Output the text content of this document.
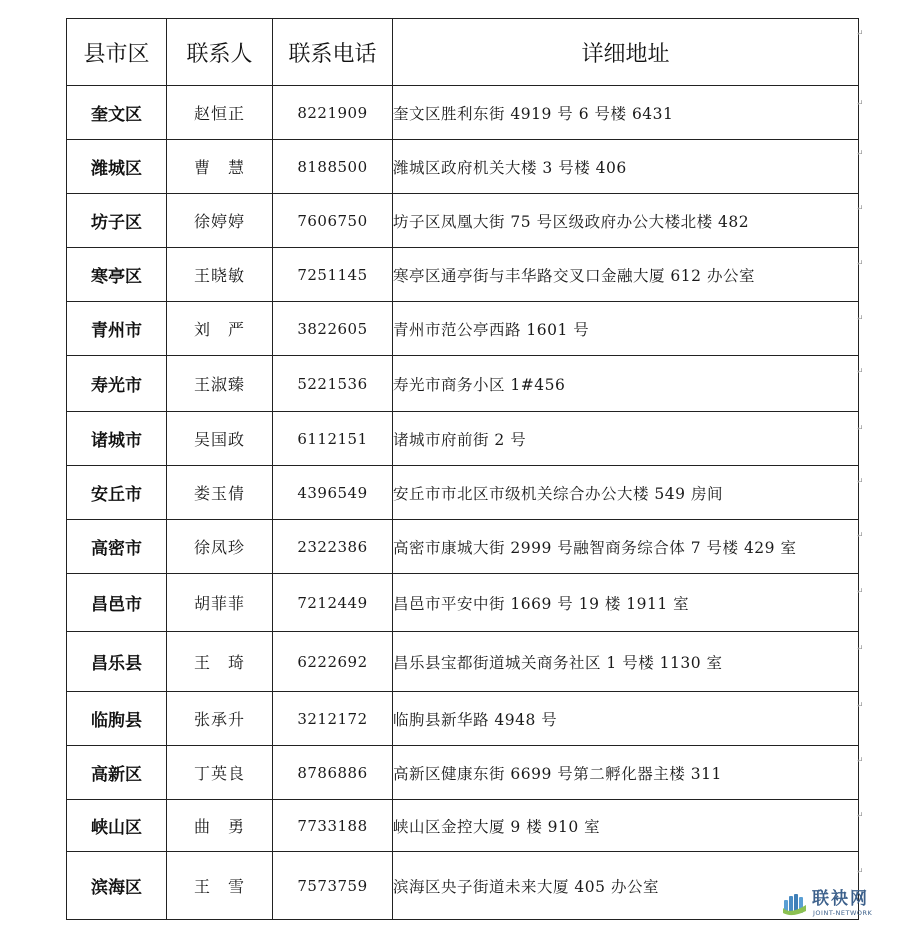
县市区	联系人	联系电话	详细地址
奎文区	赵恒正	8221909	奎文区胜利东街 4919 号 6 号楼 6431
潍城区	曹　慧	8188500	潍城区政府机关大楼 3 号楼 406
坊子区	徐婷婷	7606750	坊子区凤凰大街 75 号区级政府办公大楼北楼 482
寒亭区	王晓敏	7251145	寒亭区通亭街与丰华路交叉口金融大厦 612 办公室
青州市	刘　严	3822605	青州市范公亭西路 1601 号
寿光市	王淑臻	5221536	寿光市商务小区 1#456
诸城市	吴国政	6112151	诸城市府前街 2 号
安丘市	娄玉倩	4396549	安丘市市北区市级机关综合办公大楼 549 房间
高密市	徐凤珍	2322386	高密市康城大街 2999 号融智商务综合体 7 号楼 429 室
昌邑市	胡菲菲	7212449	昌邑市平安中街 1669 号 19 楼 1911 室
昌乐县	王　琦	6222692	昌乐县宝都街道城关商务社区 1 号楼 1130 室
临朐县	张承升	3212172	临朐县新华路 4948 号
高新区	丁英良	8786886	高新区健康东街 6699 号第二孵化器主楼 311
峡山区	曲　勇	7733188	峡山区金控大厦 9 楼 910 室
滨海区	王　雪	7573759	滨海区央子街道未来大厦 405 办公室
联袂网
JOINT-NETWORK
↵
↵
↵
↵
↵
↵
↵
↵
↵
↵
↵
↵
↵
↵
↵
↵
